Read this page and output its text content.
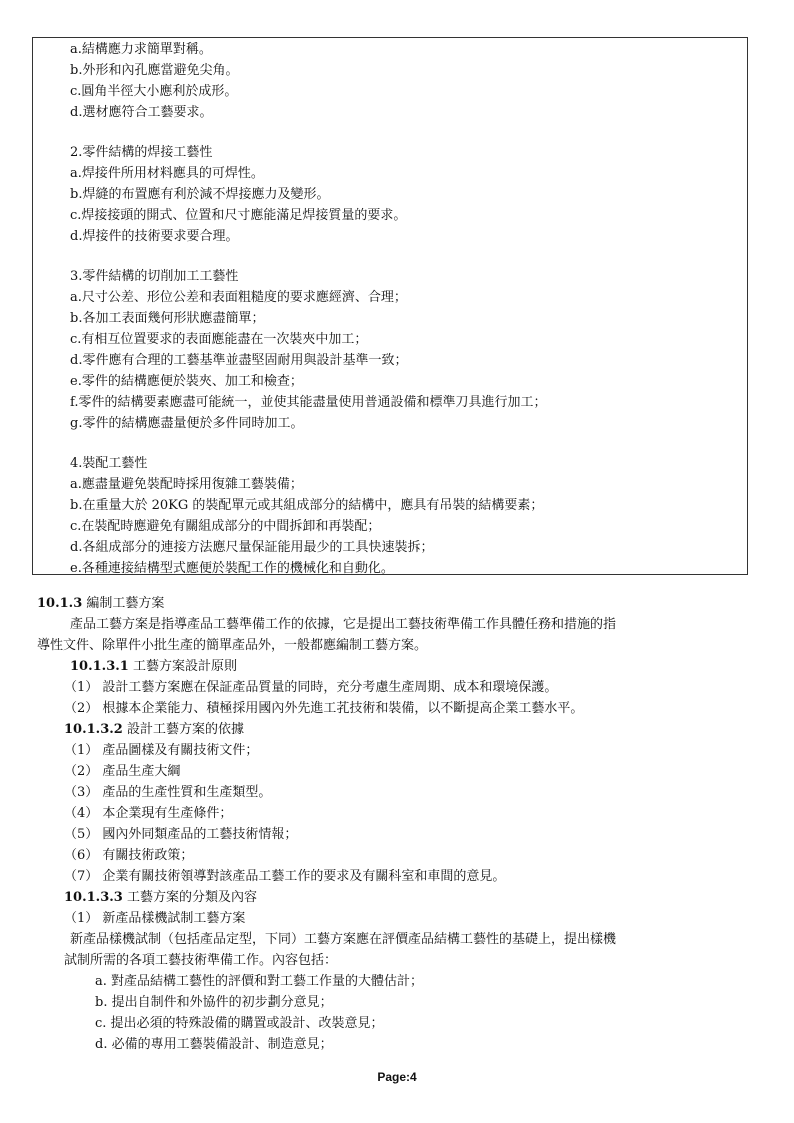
a.結構應力求簡單對稱。
b.外形和內孔應當避免尖角。
c.圓角半徑大小應利於成形。
d.選材應符合工藝要求。
2.零件結構的焊接工藝性
a.焊接件所用材料應具的可焊性。
b.焊縫的布置應有利於減不焊接應力及變形。
c.焊接接頭的開式、位置和尺寸應能滿足焊接質量的要求。
d.焊接件的技術要求要合理。
3.零件結構的切削加工工藝性
a.尺寸公差、形位公差和表面粗糙度的要求應經濟、合理；
b.各加工表面幾何形狀應盡簡單；
c.有相互位置要求的表面應能盡在一次裝夾中加工；
d.零件應有合理的工藝基準並盡堅固耐用與設計基準一致；
e.零件的結構應便於裝夾、加工和檢查；
f.零件的結構要素應盡可能統一，並使其能盡量使用普通設備和標準刀具進行加工；
g.零件的結構應盡量便於多件同時加工。
4.裝配工藝性
a.應盡量避免裝配時採用復雜工藝裝備；
b.在重量大於 20KG 的裝配單元或其組成部分的結構中，應具有吊裝的結構要素；
c.在裝配時應避免有關組成部分的中間拆卸和再裝配；
d.各組成部分的連接方法應尺量保証能用最少的工具快速裝拆；
e.各種連接結構型式應便於裝配工作的機械化和自動化。
10.1.3 編制工藝方案
產品工藝方案是指導產品工藝準備工作的依據，它是提出工藝技術準備工作具體任務和措施的指
導性文件、除單件小批生產的簡單產品外，一般都應編制工藝方案。
10.1.3.1 工藝方案設計原則
（1） 設計工藝方案應在保証產品質量的同時，充分考慮生產周期、成本和環境保護。
（2） 根據本企業能力、積極採用國內外先進工芤技術和裝備，以不斷提高企業工藝水平。
10.1.3.2 設計工藝方案的依據
（1） 產品圖樣及有關技術文件；
（2） 產品生產大綱
（3） 產品的生產性質和生產類型。
（4） 本企業現有生產條件；
（5） 國內外同類產品的工藝技術情報；
（6） 有關技術政策；
（7） 企業有關技術領導對該產品工藝工作的要求及有關科室和車間的意見。
10.1.3.3 工藝方案的分類及內容
（1） 新產品樣機試制工藝方案
新產品樣機試制（包括產品定型，下同）工藝方案應在評價產品結構工藝性的基礎上，提出樣機
試制所需的各項工藝技術準備工作。內容包括：
a. 對產品結構工藝性的評價和對工藝工作量的大體估計；
b. 提出自制件和外協件的初步劃分意見；
c. 提出必須的特殊設備的購置或設計、改裝意見；
d. 必備的專用工藝裝備設計、制造意見；
Page:4
